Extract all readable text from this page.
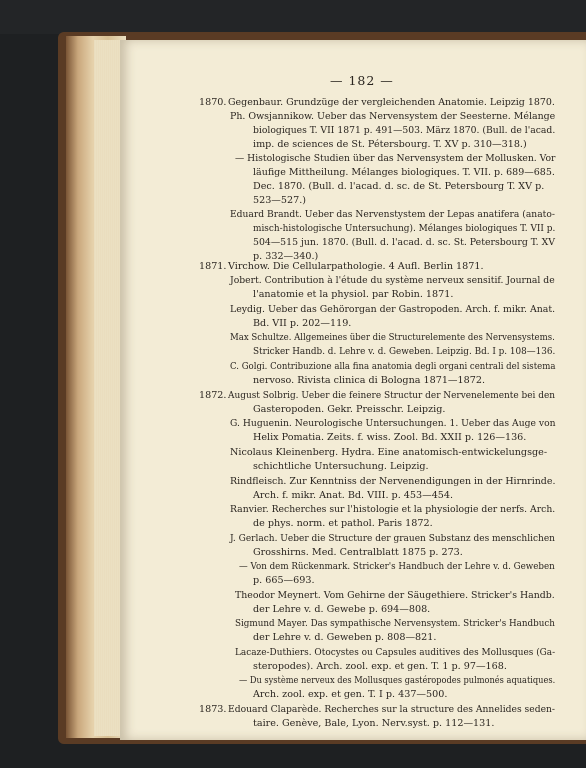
— 182 —
1870. Gegenbaur. Grundzüge der vergleichenden Anatomie. Leipzig 1870.
Ph. Owsjannikow. Ueber das Nervensystem der Seesterne. Mélange
biologiques T. VII 1871 p. 491—503. März 1870. (Bull. de l'acad.
imp. de sciences de St. Pétersbourg. T. XV p. 310—318.)
— Histologische Studien über das Nervensystem der Mollusken. Vor
läufige Mittheilung. Mélanges biologiques. T. VII. p. 689—685.
Dec. 1870. (Bull. d. l'acad. d. sc. de St. Petersbourg T. XV p.
523—527.)
Eduard Brandt. Ueber das Nervenstystem der Lepas anatifera (anato-
misch-histologische Untersuchung). Mélanges biologiques T. VII p.
504—515 jun. 1870. (Bull. d. l'acad. d. sc. St. Petersbourg T. XV
p. 332—340.)
1871. Virchow. Die Cellularpathologie. 4 Aufl. Berlin 1871.
Jobert. Contribution à l'étude du système nerveux sensitif. Journal de
l'anatomie et la physiol. par Robin. 1871.
Leydig. Ueber das Gehörorgan der Gastropoden. Arch. f. mikr. Anat.
Bd. VII p. 202—119.
Max Schultze. Allgemeines über die Structurelemente des Nervensystems.
Stricker Handb. d. Lehre v. d. Geweben. Leipzig. Bd. I p. 108—136.
C. Golgi. Contribuzione alla fina anatomia degli organi centrali del sistema
nervoso. Rivista clinica di Bologna 1871—1872.
1872. August Solbrig. Ueber die feinere Structur der Nervenelemente bei den
Gasteropoden. Gekr. Preisschr. Leipzig.
G. Huguenin. Neurologische Untersuchungen. 1. Ueber das Auge von
Helix Pomatia. Zeits. f. wiss. Zool. Bd. XXII p. 126—136.
Nicolaus Kleinenberg. Hydra. Eine anatomisch-entwickelungsge-
schichtliche Untersuchung. Leipzig.
Rindfleisch. Zur Kenntniss der Nervenendigungen in der Hirnrinde.
Arch. f. mikr. Anat. Bd. VIII. p. 453—454.
Ranvier. Recherches sur l'histologie et la physiologie der nerfs. Arch.
de phys. norm. et pathol. Paris 1872.
J. Gerlach. Ueber die Structure der grauen Substanz des menschlichen
Grosshirns. Med. Centralblatt 1875 p. 273.
— Von dem Rückenmark. Stricker's Handbuch der Lehre v. d. Geweben
p. 665—693.
Theodor Meynert. Vom Gehirne der Säugethiere. Stricker's Handb.
der Lehre v. d. Gewebe p. 694—808.
Sigmund Mayer. Das sympathische Nervensystem. Stricker's Handbuch
der Lehre v. d. Geweben p. 808—821.
Lacaze-Duthiers. Otocystes ou Capsules auditives des Mollusques (Ga-
steropodes). Arch. zool. exp. et gen. T. 1 p. 97—168.
— Du système nerveux des Mollusques gastéropodes pulmonés aquatiques.
Arch. zool. exp. et gen. T. I p. 437—500.
1873. Edouard Claparède. Recherches sur la structure des Annelides seden-
taire. Genève, Bale, Lyon. Nerv.syst. p. 112—131.
